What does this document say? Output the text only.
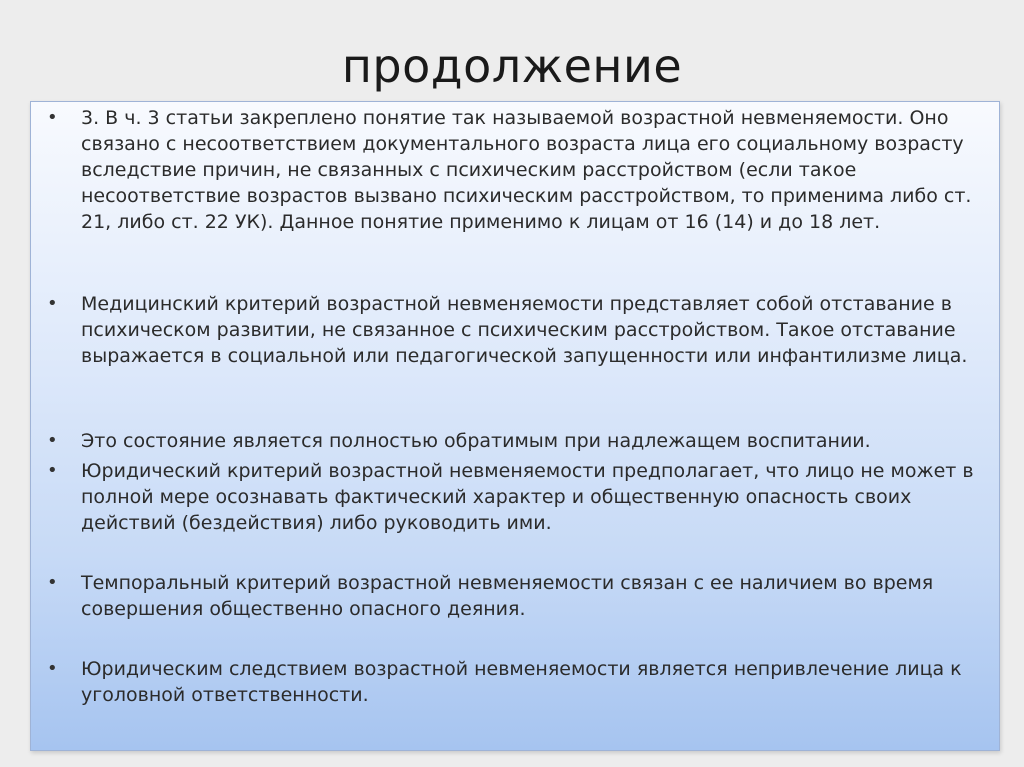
продолжение
•	3. В ч. 3 статьи закреплено понятие так называемой возрастной невменяемости. Оно связано с несоответствием документального возраста лица его социальному возрасту вследствие причин, не связанных с психическим расстройством (если такое несоответствие возрастов вызвано психическим расстройством, то применима либо ст. 21, либо ст. 22 УК). Данное понятие применимо к лицам от 16 (14) и до 18 лет.
•	Медицинский критерий возрастной невменяемости представляет собой отставание в психическом развитии, не связанное с психическим расстройством. Такое отставание выражается в социальной или педагогической запущенности или инфантилизме лица.
•	Это состояние является полностью обратимым при надлежащем воспитании.
•	Юридический критерий возрастной невменяемости предполагает, что лицо не может в полной мере осознавать фактический характер и общественную опасность своих действий (бездействия) либо руководить ими.
•	Темпоральный критерий возрастной невменяемости связан с ее наличием во время совершения общественно опасного деяния.
•	Юридическим следствием возрастной невменяемости является непривлечение лица к уголовной ответственности.
